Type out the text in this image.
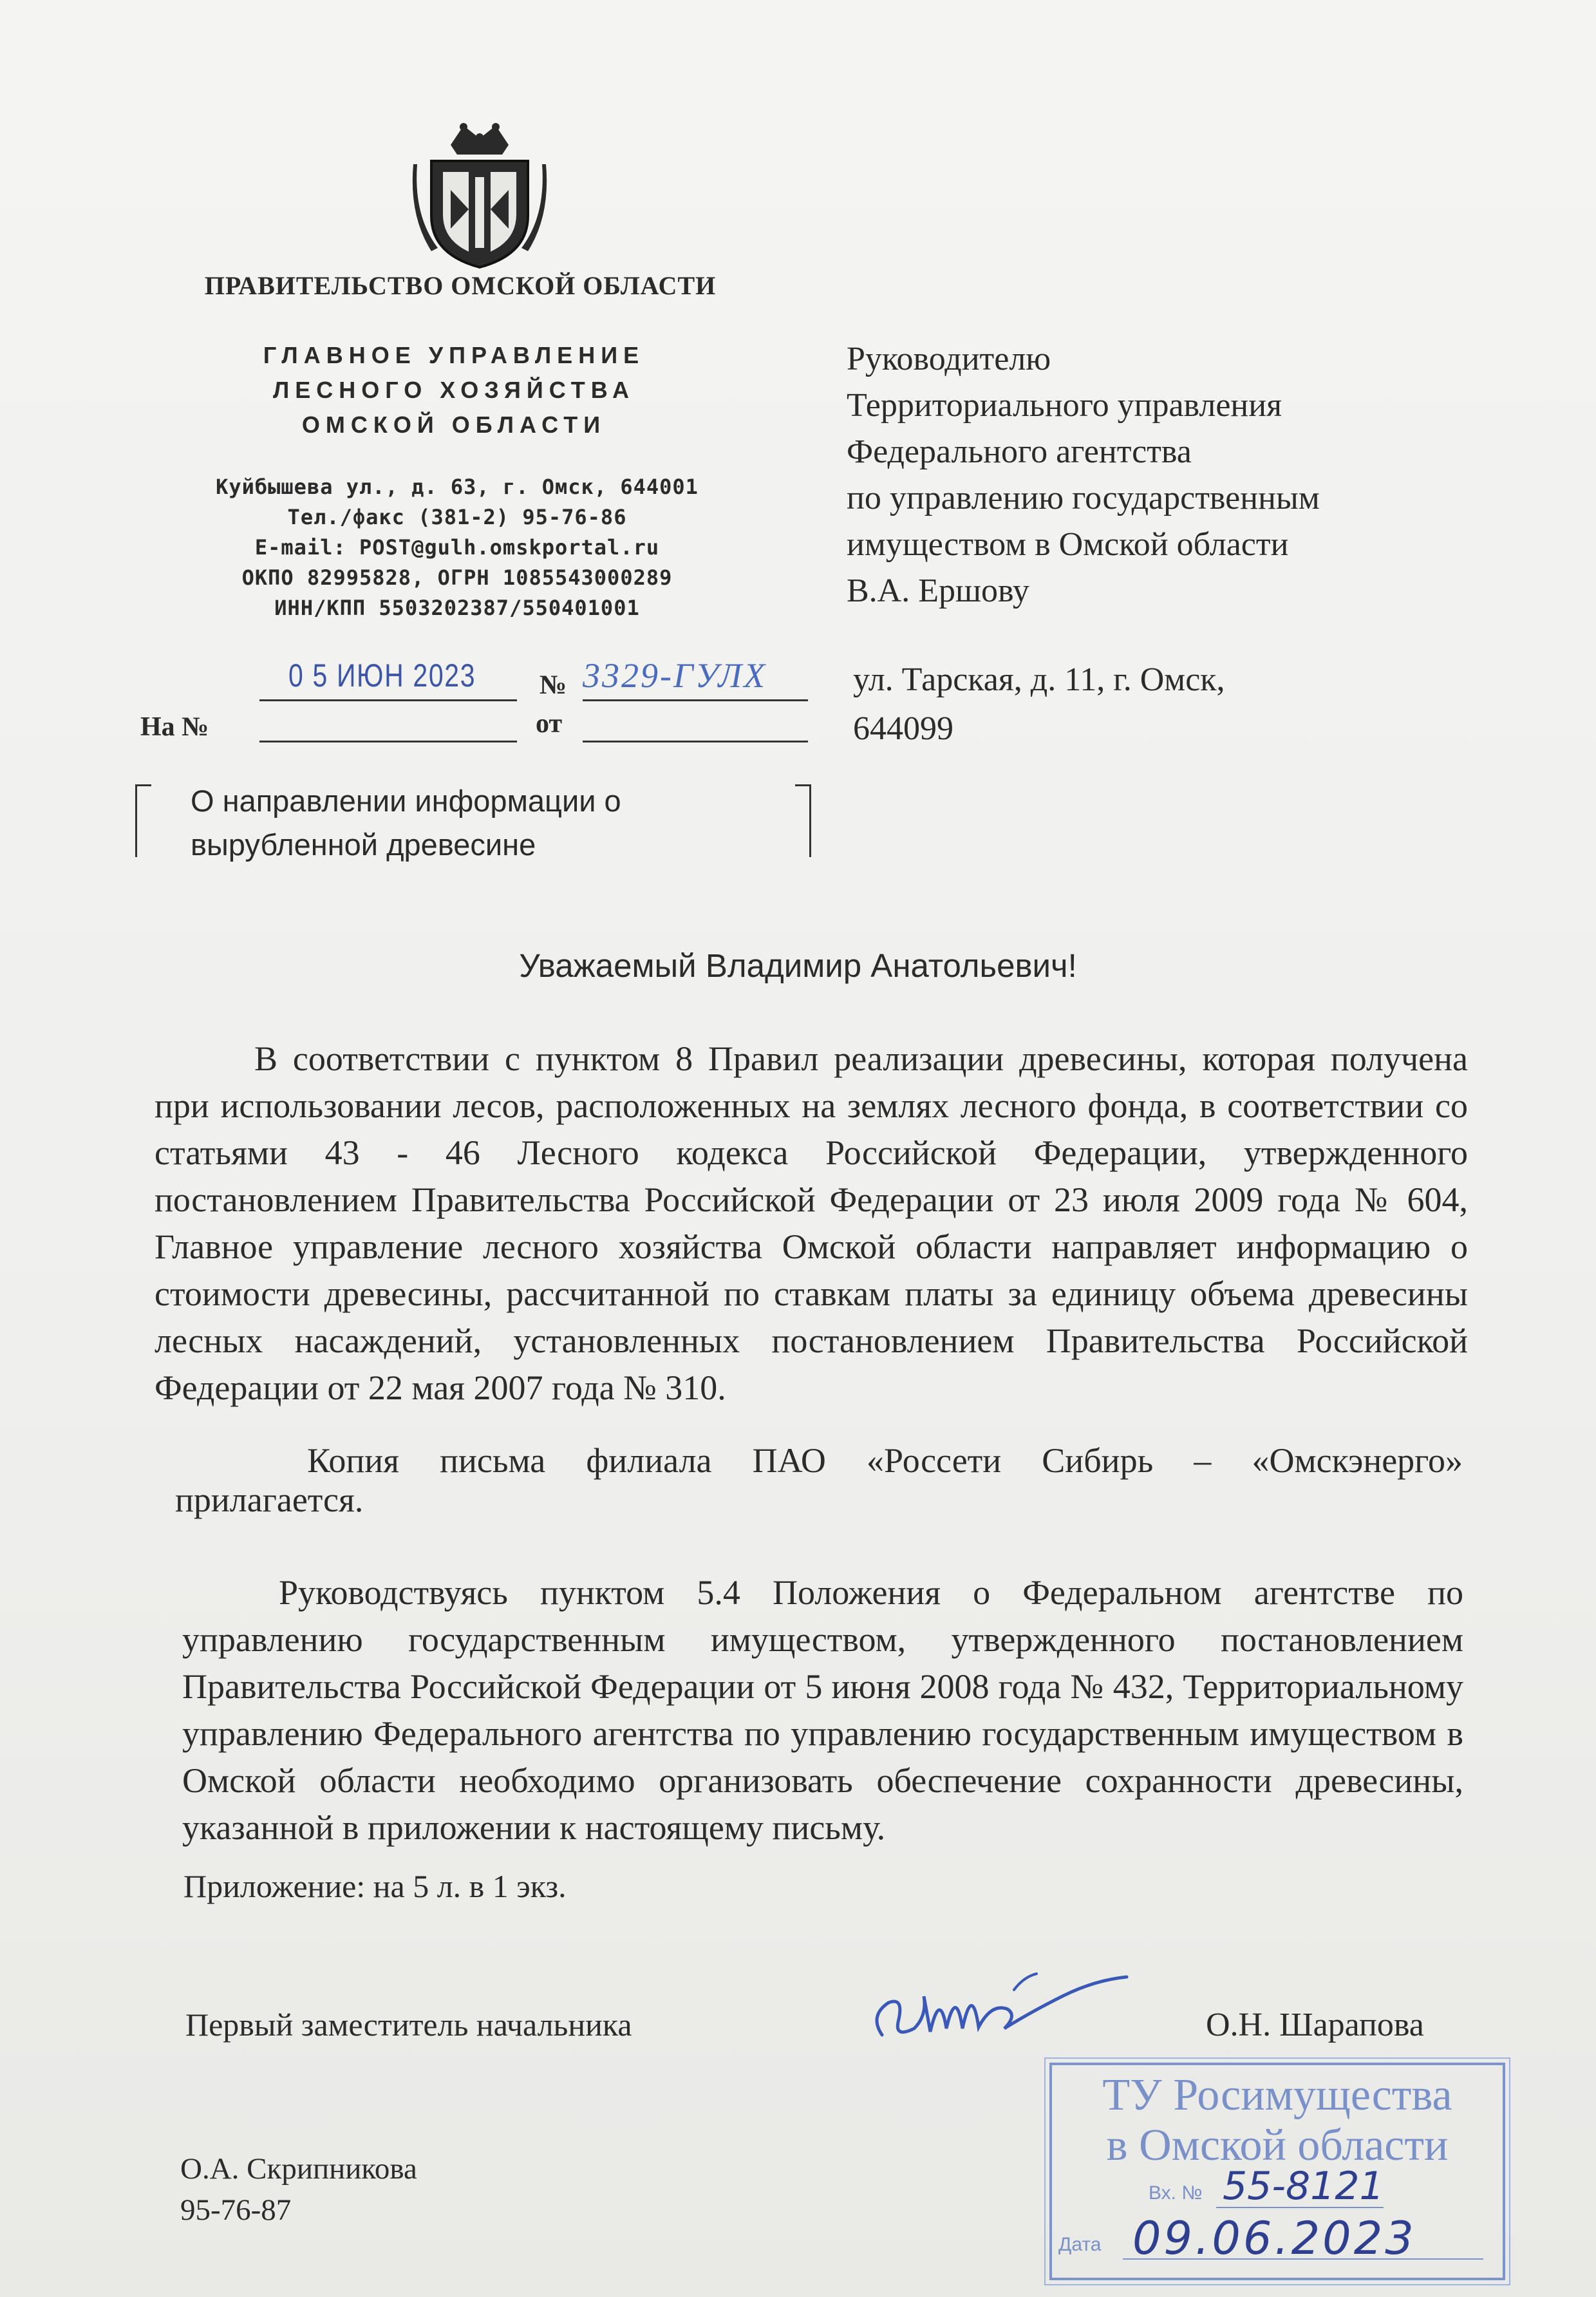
ПРАВИТЕЛЬСТВО ОМСКОЙ ОБЛАСТИ
ГЛАВНОЕ УПРАВЛЕНИЕ
ЛЕСНОГО ХОЗЯЙСТВА
ОМСКОЙ ОБЛАСТИ
Куйбышева ул., д. 63, г. Омск, 644001
Тел./факс (381-2) 95-76-86
E-mail: POST@gulh.omskportal.ru
ОКПО 82995828, ОГРН 1085543000289
ИНН/КПП 5503202387/550401001
0 5 ИЮН 2023 № 3329-ГУЛХ
На №	от
Руководителю
Территориального управления
Федерального агентства
по управлению государственным
имуществом в Омской области
В.А. Ершову
ул. Тарская, д. 11, г. Омск,
644099
О направлении информации о
вырубленной древесине
Уважаемый Владимир Анатольевич!
В соответствии с пунктом 8 Правил реализации древесины, которая получена при использовании лесов, расположенных на землях лесного фонда, в соответствии со статьями 43 - 46 Лесного кодекса Российской Федерации, утвержденного постановлением Правительства Российской Федерации от 23 июля 2009 года № 604, Главное управление лесного хозяйства Омской области направляет информацию о стоимости древесины, рассчитанной по ставкам платы за единицу объема древесины лесных насаждений, установленных постановлением Правительства Российской Федерации от 22 мая 2007 года № 310.
Копия письма филиала ПАО «Россети Сибирь – «Омскэнерго»
прилагается.
Руководствуясь пунктом 5.4 Положения о Федеральном агентстве по управлению государственным имуществом, утвержденного постановлением Правительства Российской Федерации от 5 июня 2008 года № 432, Территориальному управлению Федерального агентства по управлению государственным имуществом в Омской области необходимо организовать обеспечение сохранности древесины, указанной в приложении к настоящему письму.
Приложение: на 5 л. в 1 экз.
Первый заместитель начальника	О.Н. Шарапова
О.А. Скрипникова
95-76-87
ТУ Росимущества
в Омской области
Вх. № 55-8121
Дата 09.06.2023
